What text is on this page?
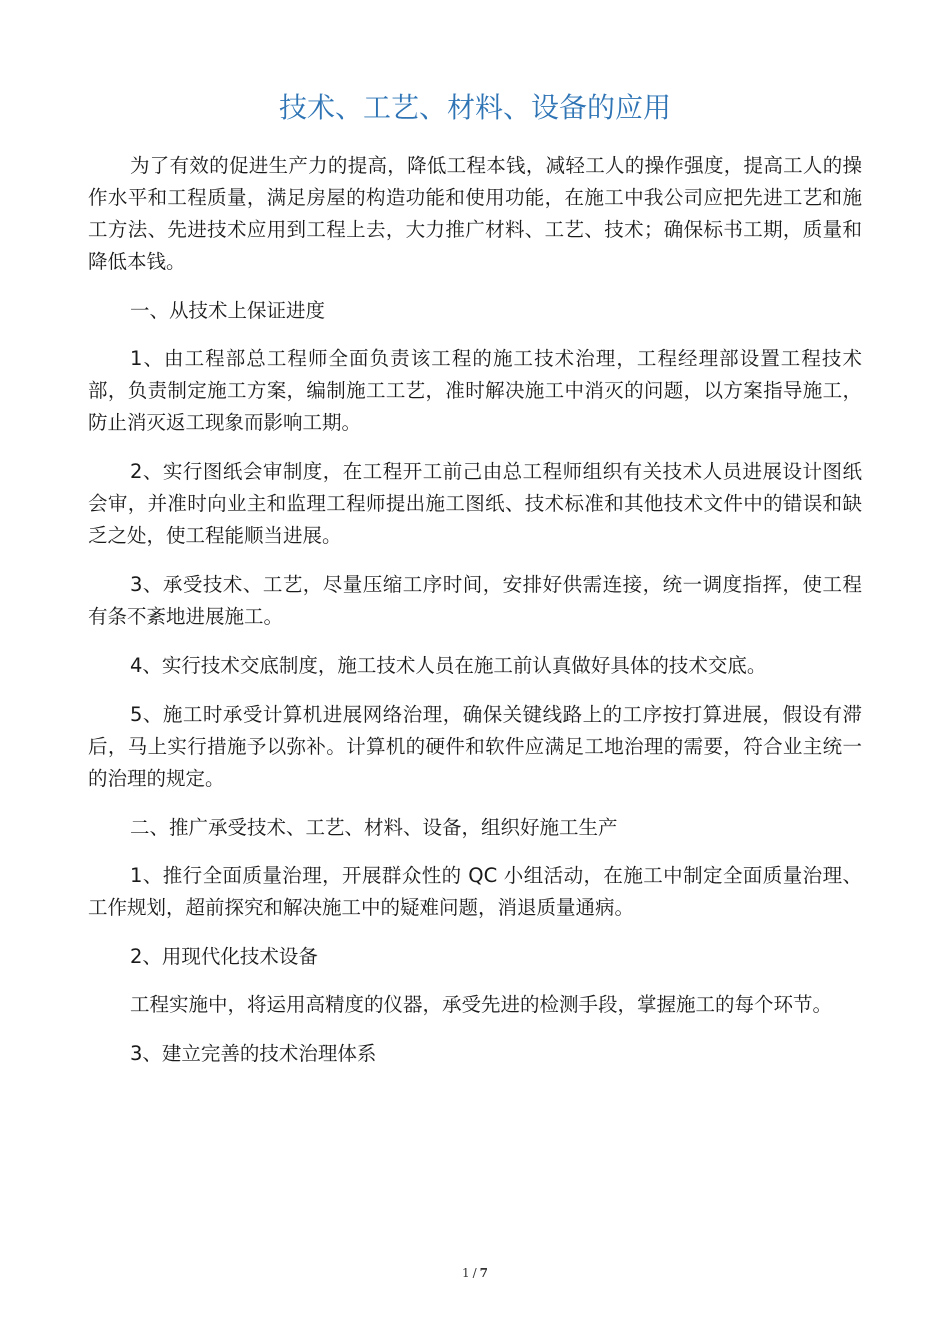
技术、工艺、材料、设备的应用

为了有效的促进生产力的提高，降低工程本钱，减轻工人的操作强度，提高工人的操作水平和工程质量，满足房屋的构造功能和使用功能，在施工中我公司应把先进工艺和施工方法、先进技术应用到工程上去，大力推广材料、工艺、技术；确保标书工期，质量和降低本钱。

一、从技术上保证进度

1、由工程部总工程师全面负责该工程的施工技术治理，工程经理部设置工程技术部，负责制定施工方案，编制施工工艺，准时解决施工中消灭的问题，以方案指导施工，防止消灭返工现象而影响工期。

2、实行图纸会审制度，在工程开工前己由总工程师组织有关技术人员进展设计图纸会审，并准时向业主和监理工程师提出施工图纸、技术标准和其他技术文件中的错误和缺乏之处，使工程能顺当进展。

3、承受技术、工艺，尽量压缩工序时间，安排好供需连接，统一调度指挥，使工程有条不紊地进展施工。

4、实行技术交底制度，施工技术人员在施工前认真做好具体的技术交底。

5、施工时承受计算机进展网络治理，确保关键线路上的工序按打算进展，假设有滞后，马上实行措施予以弥补。计算机的硬件和软件应满足工地治理的需要，符合业主统一的治理的规定。

二、推广承受技术、工艺、材料、设备，组织好施工生产

1、推行全面质量治理，开展群众性的 QC 小组活动，在施工中制定全面质量治理、工作规划，超前探究和解决施工中的疑难问题，消退质量通病。

2、用现代化技术设备

工程实施中，将运用高精度的仪器，承受先进的检测手段，掌握施工的每个环节。

3、建立完善的技术治理体系

1 / 7
